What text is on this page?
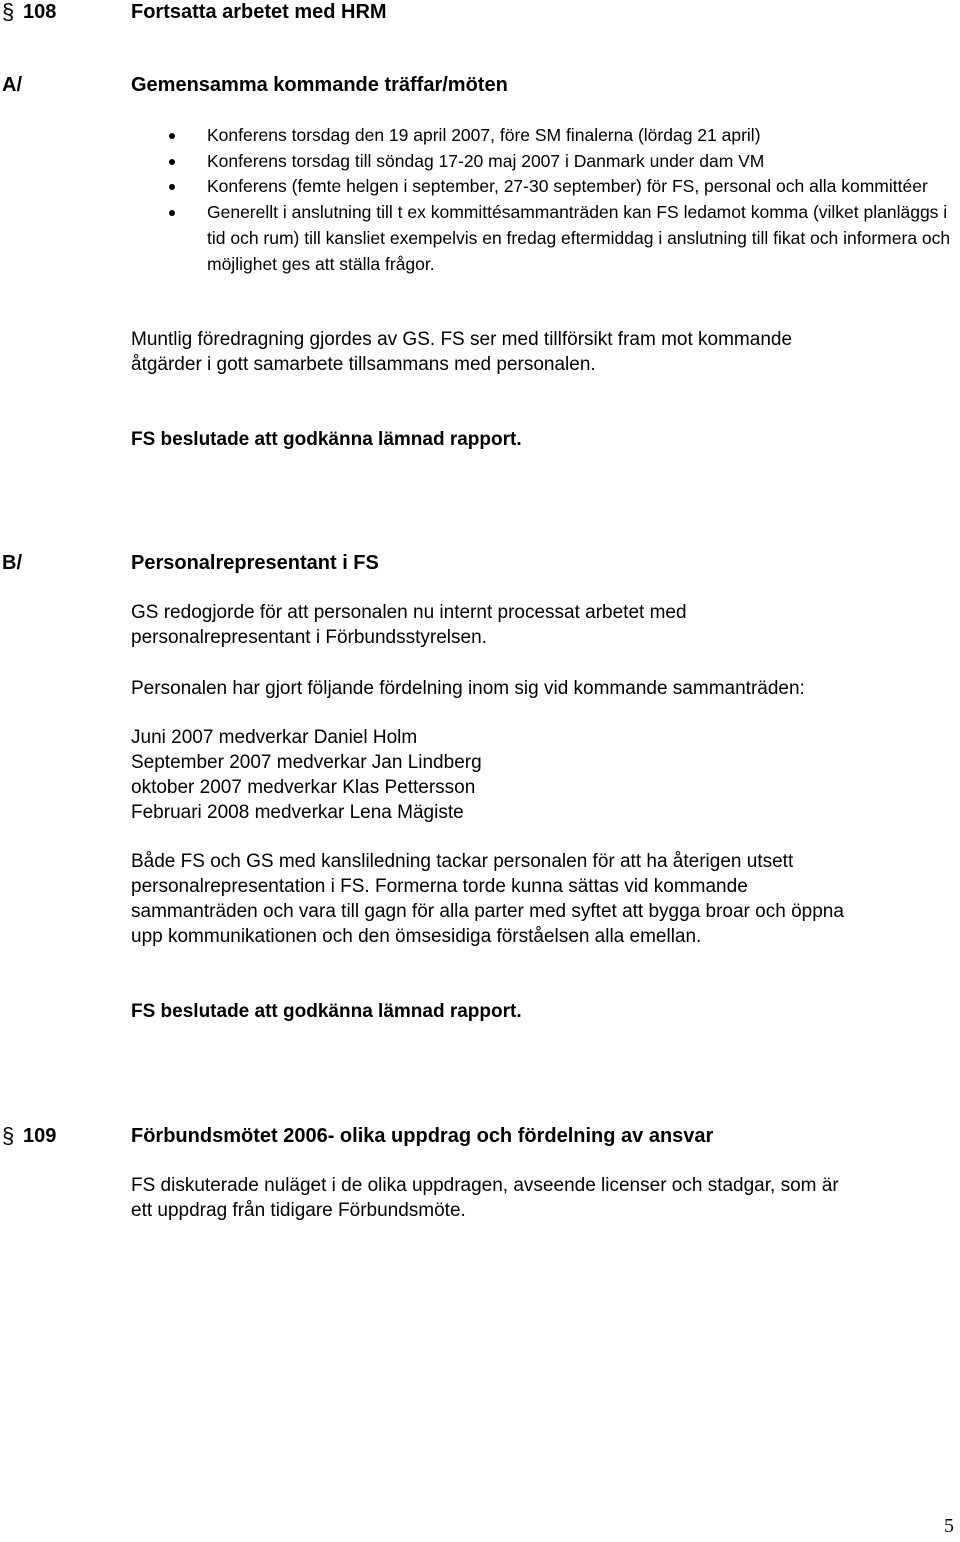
§ 108	Fortsatta arbetet med HRM
A/	Gemensamma kommande träffar/möten
Konferens torsdag den 19 april 2007, före SM finalerna (lördag 21 april)
Konferens torsdag till söndag 17-20 maj 2007 i Danmark under dam VM
Konferens (femte helgen i september, 27-30 september) för FS, personal och alla kommittéer
Generellt i anslutning till t ex kommittésammanträden kan FS ledamot komma (vilket planläggs i tid och rum) till kansliet exempelvis en fredag eftermiddag i anslutning till fikat och informera och möjlighet ges att ställa frågor.
Muntlig föredragning gjordes av GS. FS ser med tillförsikt fram mot kommande
åtgärder i gott samarbete tillsammans med personalen.
FS beslutade att godkänna lämnad rapport.
B/	Personalrepresentant i FS
GS redogjorde för att personalen nu internt processat arbetet med
personalrepresentant i Förbundsstyrelsen.
Personalen har gjort följande fördelning inom sig vid kommande sammanträden:
Juni 2007 medverkar Daniel Holm
September 2007 medverkar Jan Lindberg
oktober 2007 medverkar Klas Pettersson
Februari 2008 medverkar Lena Mägiste
Både FS och GS med kansliledning tackar personalen för att ha återigen utsett
personalrepresentation i FS. Formerna torde kunna sättas vid kommande
sammanträden och vara till gagn för alla parter med syftet att bygga broar och öppna
upp kommunikationen och den ömsesidiga förståelsen alla emellan.
FS beslutade att godkänna lämnad rapport.
§ 109	Förbundsmötet 2006- olika uppdrag och fördelning av ansvar
FS diskuterade nuläget i de olika uppdragen, avseende licenser och stadgar, som är
ett uppdrag från tidigare Förbundsmöte.
5
